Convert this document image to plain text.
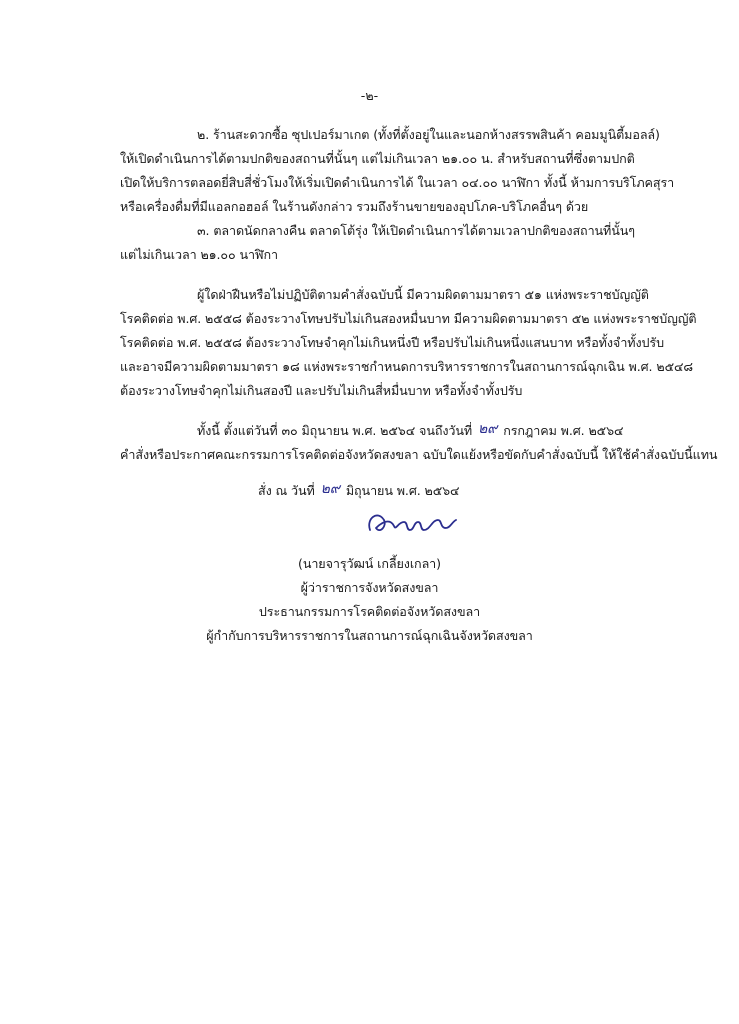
-๒-
๒. ร้านสะดวกซื้อ ซุปเปอร์มาเกต (ทั้งที่ตั้งอยู่ในและนอกห้างสรรพสินค้า คอมมูนิตี้มอลล์)
ให้เปิดดำเนินการได้ตามปกติของสถานที่นั้นๆ แต่ไม่เกินเวลา ๒๑.๐๐ น. สำหรับสถานที่ซึ่งตามปกติ
เปิดให้บริการตลอดยี่สิบสี่ชั่วโมงให้เริ่มเปิดดำเนินการได้ ในเวลา ๐๔.๐๐ นาฬิกา ทั้งนี้ ห้ามการบริโภคสุรา
หรือเครื่องดื่มที่มีแอลกอฮอล์ ในร้านดังกล่าว รวมถึงร้านขายของอุปโภค-บริโภคอื่นๆ ด้วย
๓. ตลาดนัดกลางคืน ตลาดโต้รุ่ง ให้เปิดดำเนินการได้ตามเวลาปกติของสถานที่นั้นๆ
แต่ไม่เกินเวลา ๒๑.๐๐ นาฬิกา
ผู้ใดฝ่าฝืนหรือไม่ปฏิบัติตามคำสั่งฉบับนี้ มีความผิดตามมาตรา ๕๑ แห่งพระราชบัญญัติ
โรคติดต่อ พ.ศ. ๒๕๕๘ ต้องระวางโทษปรับไม่เกินสองหมื่นบาท มีความผิดตามมาตรา ๕๒ แห่งพระราชบัญญัติ
โรคติดต่อ พ.ศ. ๒๕๕๘ ต้องระวางโทษจำคุกไม่เกินหนึ่งปี หรือปรับไม่เกินหนึ่งแสนบาท หรือทั้งจำทั้งปรับ
และอาจมีความผิดตามมาตรา ๑๘ แห่งพระราชกำหนดการบริหารราชการในสถานการณ์ฉุกเฉิน พ.ศ. ๒๕๔๘
ต้องระวางโทษจำคุกไม่เกินสองปี และปรับไม่เกินสี่หมื่นบาท หรือทั้งจำทั้งปรับ
ทั้งนี้ ตั้งแต่วันที่ ๓๐ มิถุนายน พ.ศ. ๒๕๖๔ จนถึงวันที่ ๒๙ กรกฎาคม พ.ศ. ๒๕๖๔
คำสั่งหรือประกาศคณะกรรมการโรคติดต่อจังหวัดสงขลา ฉบับใดแย้งหรือขัดกับคำสั่งฉบับนี้ ให้ใช้คำสั่งฉบับนี้แทน
สั่ง ณ วันที่ ๒๙ มิถุนายน พ.ศ. ๒๕๖๔
(นายจารุวัฒน์ เกลี้ยงเกลา)
ผู้ว่าราชการจังหวัดสงขลา
ประธานกรรมการโรคติดต่อจังหวัดสงขลา
ผู้กำกับการบริหารราชการในสถานการณ์ฉุกเฉินจังหวัดสงขลา
